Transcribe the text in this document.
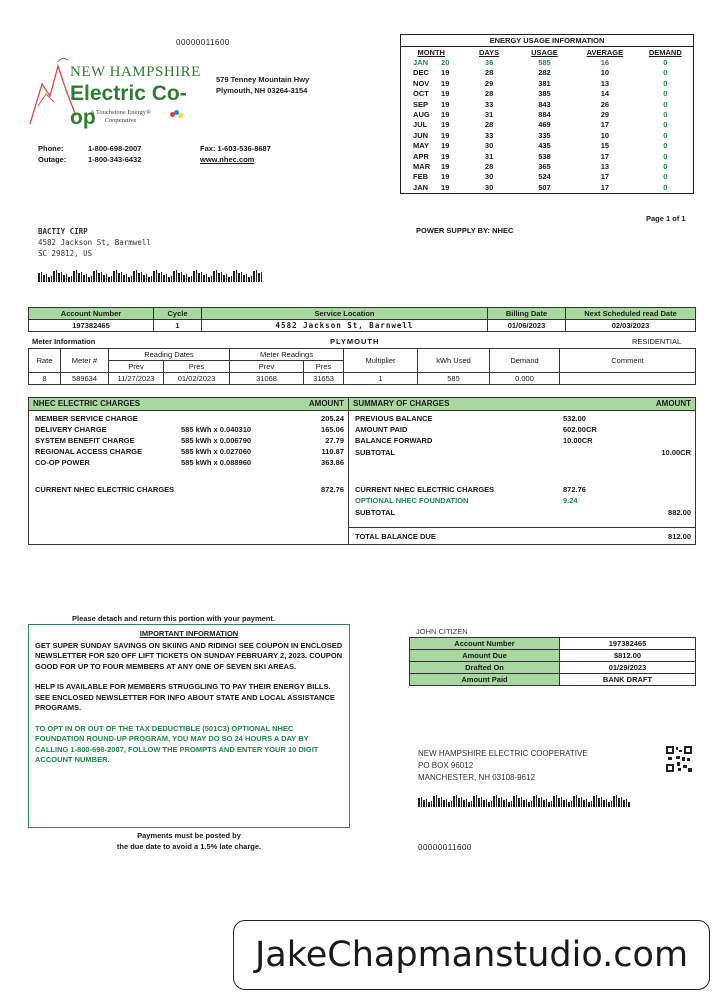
00000011600
NEW HAMPSHIRE
Electric Co-op
A Touchstone Energy®
Cooperative
579 Tenney Mountain Hwy
Plymouth, NH 03264-3154
Phone:	1-800-698-2007
Outage:	1-800-343-6432
Fax: 1-603-536-8687
www.nhec.com
ENERGY USAGE INFORMATION
MONTH	DAYS	USAGE	AVERAGE	DEMAND
JAN 20	36	585	16	0
DEC 19	28	282	10	0
NOV 19	29	381	13	0
OCT 19	28	385	14	0
SEP 19	33	843	26	0
AUG 19	31	884	29	0
JUL 19	28	469	17	0
JUN 19	33	335	10	0
MAY 19	30	435	15	0
APR 19	31	538	17	0
MAR 19	28	365	13	0
FEB 19	30	524	17	0
JAN 19	30	507	17	0
Page 1 of 1
POWER SUPPLY BY: NHEC
BACTIY CIRP
4582 Jackson St, Barmwell
SC 29812, US
Account Number	Cycle	Service Location	Billing Date	Next Scheduled read Date
197382465	1	4582 Jackson St, Barnwell	01/06/2023	02/03/2023
Meter Information	PLYMOUTH	RESIDENTIAL
Rate	Meter #	Reading Dates		Meter Readings		Multiplier	kWh Used	Demand	Comment
		Prev	Pres	Prev	Pres				
8	589634	11/27/2023	01/02/2023	31068	31653	1	585	0.000	
NHEC ELECTRIC CHARGES	AMOUNT
MEMBER SERVICE CHARGE	205.24
DELIVERY CHARGE	585 kWh x 0.040310	165.06
SYSTEM BENEFIT CHARGE	585 kWh x 0.006790	27.79
REGIONAL ACCESS CHARGE	585 kWh x 0.027060	110.87
CO-OP POWER	585 kWh x 0.088960	363.86
CURRENT NHEC ELECTRIC CHARGES	872.76
SUMMARY OF CHARGES	AMOUNT
PREVIOUS BALANCE	532.00
AMOUNT PAID	602.00CR
BALANCE FORWARD	10.00CR
SUBTOTAL	10.00CR
CURRENT NHEC ELECTRIC CHARGES	872.76
OPTIONAL NHEC FOUNDATION	9.24
SUBTOTAL	882.00
TOTAL BALANCE DUE	812.00
Please detach and return this portion with your payment.

IMPORTANT INFORMATION

GET SUPER SUNDAY SAVINGS ON SKIING AND RIDING! SEE COUPON IN ENCLOSED NEWSLETTER FOR $20 OFF LIFT TICKETS ON SUNDAY FEBRUARY 2, 2023. COUPON GOOD FOR UP TO FOUR MEMBERS AT ANY ONE OF SEVEN SKI AREAS.

HELP IS AVAILABLE FOR MEMBERS STRUGGLING TO PAY THEIR ENERGY BILLS. SEE ENCLOSED NEWSLETTER FOR INFO ABOUT STATE AND LOCAL ASSISTANCE PROGRAMS.

TO OPT IN OR OUT OF THE TAX DEDUCTIBLE (501C3) OPTIONAL NHEC FOUNDATION ROUND-UP PROGRAM, YOU MAY DO SO 24 HOURS A DAY BY CALLING 1-800-698-2007, FOLLOW THE PROMPTS AND ENTER YOUR 10 DIGIT ACCOUNT NUMBER.

Payments must be posted by
the due date to avoid a 1.5% late charge.
JOHN CITIZEN
Account Number	197382465
Amount Due	$812.00
Drafted On	01/29/2023
Amount Paid	BANK DRAFT
NEW HAMPSHIRE ELECTRIC COOPERATIVE
PO BOX 96012
MANCHESTER, NH 03108-9612
00000011600
JakeChapmanstudio.com
